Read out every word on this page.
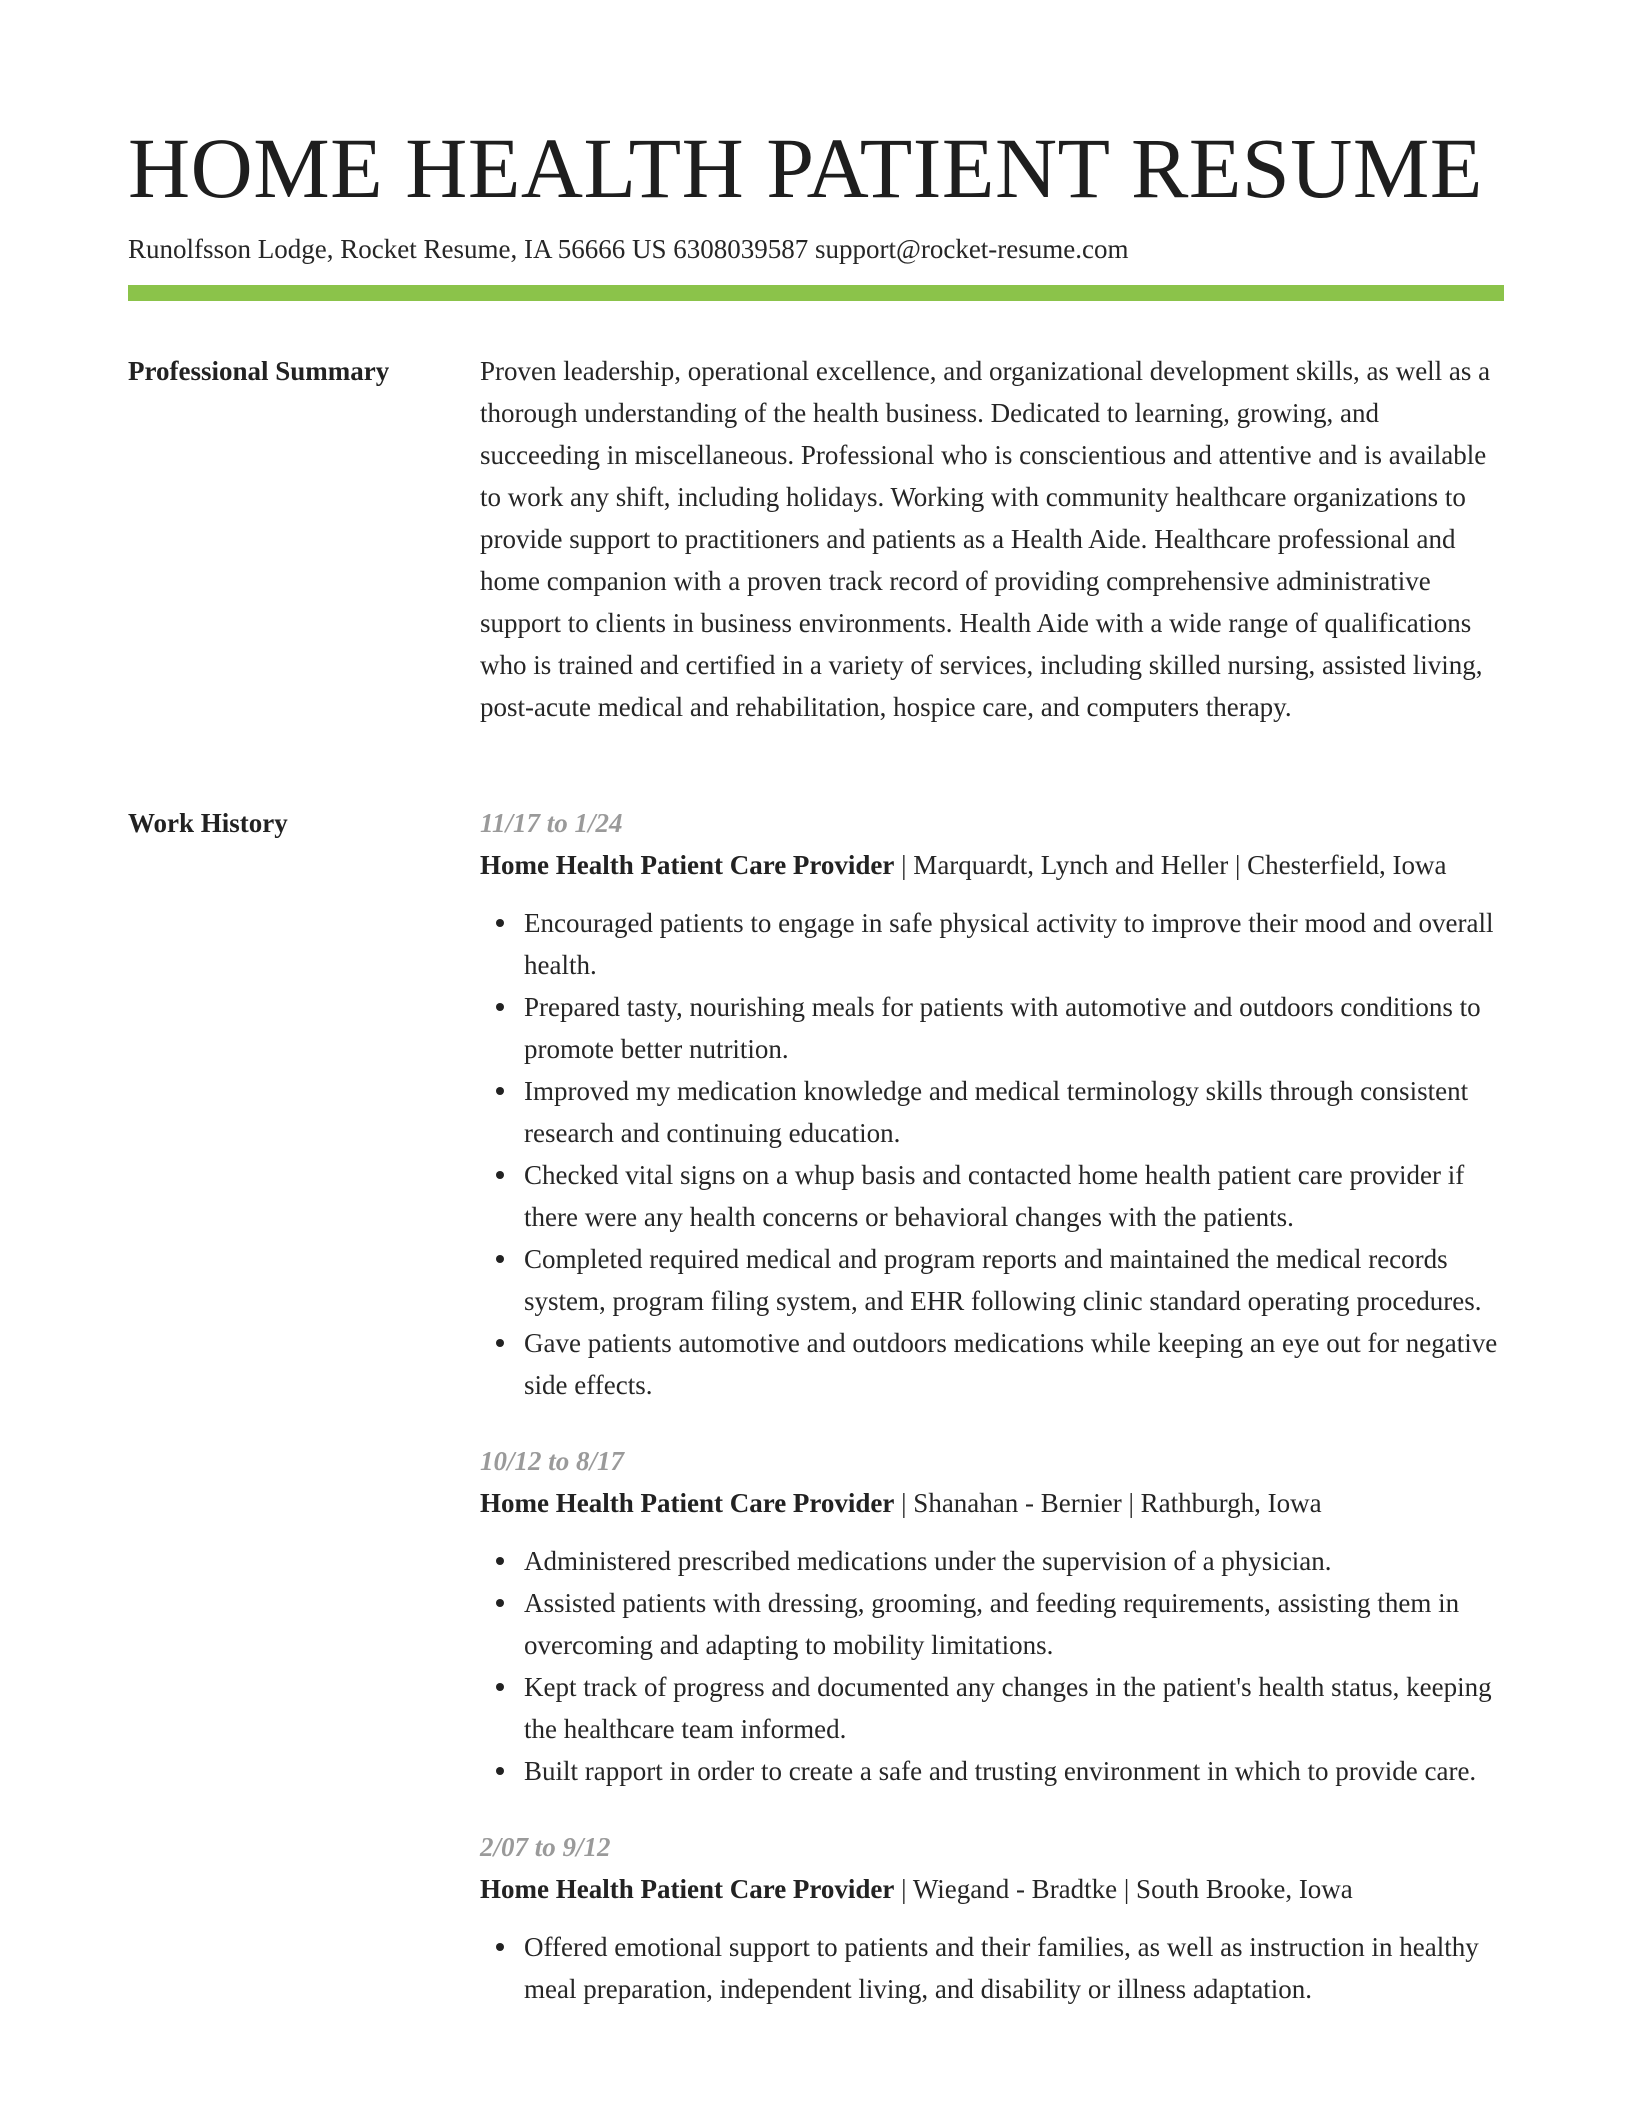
HOME HEALTH PATIENT RESUME
Runolfsson Lodge, Rocket Resume, IA 56666 US 6308039587 support@rocket-resume.com
Professional Summary	Proven leadership, operational excellence, and organizational development skills, as well as a thorough understanding of the health business. Dedicated to learning, growing, and succeeding in miscellaneous. Professional who is conscientious and attentive and is available to work any shift, including holidays. Working with community healthcare organizations to provide support to practitioners and patients as a Health Aide. Healthcare professional and home companion with a proven track record of providing comprehensive administrative support to clients in business environments. Health Aide with a wide range of qualifications who is trained and certified in a variety of services, including skilled nursing, assisted living, post-acute medical and rehabilitation, hospice care, and computers therapy.

Work History	11/17 to 1/24
Home Health Patient Care Provider | Marquardt, Lynch and Heller | Chesterfield, Iowa
Encouraged patients to engage in safe physical activity to improve their mood and overall health.
Prepared tasty, nourishing meals for patients with automotive and outdoors conditions to promote better nutrition.
Improved my medication knowledge and medical terminology skills through consistent research and continuing education.
Checked vital signs on a whup basis and contacted home health patient care provider if there were any health concerns or behavioral changes with the patients.
Completed required medical and program reports and maintained the medical records system, program filing system, and EHR following clinic standard operating procedures.
Gave patients automotive and outdoors medications while keeping an eye out for negative side effects.
10/12 to 8/17
Home Health Patient Care Provider | Shanahan - Bernier | Rathburgh, Iowa
Administered prescribed medications under the supervision of a physician.
Assisted patients with dressing, grooming, and feeding requirements, assisting them in overcoming and adapting to mobility limitations.
Kept track of progress and documented any changes in the patient's health status, keeping the healthcare team informed.
Built rapport in order to create a safe and trusting environment in which to provide care.
2/07 to 9/12
Home Health Patient Care Provider | Wiegand - Bradtke | South Brooke, Iowa
Offered emotional support to patients and their families, as well as instruction in healthy meal preparation, independent living, and disability or illness adaptation.
